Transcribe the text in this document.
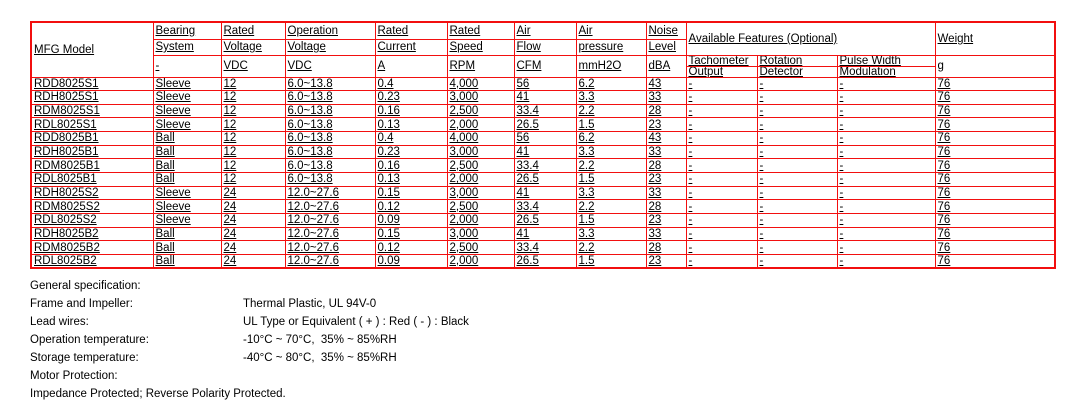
MFG Model	Bearing	Rated	Operation	Rated	Rated	Air	Air	Noise	Available Features (Optional)			Weight
	System	Voltage	Voltage	Current	Speed	Flow	pressure	Level				
	-	VDC	VDC	A	RPM	CFM	mmH2O	dBA	Tachometer	Rotation	Pulse Width	g
									Output	Detector	Modulation	
RDD8025S1	Sleeve	12	6.0~13.8	0.4	4,000	56	6.2	43	-	-	-	76
RDH8025S1	Sleeve	12	6.0~13.8	0.23	3,000	41	3.3	33	-	-	-	76
RDM8025S1	Sleeve	12	6.0~13.8	0.16	2,500	33.4	2.2	28	-	-	-	76
RDL8025S1	Sleeve	12	6.0~13.8	0.13	2,000	26.5	1.5	23	-	-	-	76
RDD8025B1	Ball	12	6.0~13.8	0.4	4,000	56	6.2	43	-	-	-	76
RDH8025B1	Ball	12	6.0~13.8	0.23	3,000	41	3.3	33	-	-	-	76
RDM8025B1	Ball	12	6.0~13.8	0.16	2,500	33.4	2.2	28	-	-	-	76
RDL8025B1	Ball	12	6.0~13.8	0.13	2,000	26.5	1.5	23	-	-	-	76
RDH8025S2	Sleeve	24	12.0~27.6	0.15	3,000	41	3.3	33	-	-	-	76
RDM8025S2	Sleeve	24	12.0~27.6	0.12	2,500	33.4	2.2	28	-	-	-	76
RDL8025S2	Sleeve	24	12.0~27.6	0.09	2,000	26.5	1.5	23	-	-	-	76
RDH8025B2	Ball	24	12.0~27.6	0.15	3,000	41	3.3	33	-	-	-	76
RDM8025B2	Ball	24	12.0~27.6	0.12	2,500	33.4	2.2	28	-	-	-	76
RDL8025B2	Ball	24	12.0~27.6	0.09	2,000	26.5	1.5	23	-	-	-	76
General specification:
Frame and Impeller:	Thermal Plastic, UL 94V-0
Lead wires:	UL Type or Equivalent ( + ) : Red ( - ) : Black
Operation temperature:	-10°C ~ 70°C,  35% ~ 85%RH
Storage temperature:	-40°C ~ 80°C,  35% ~ 85%RH
Motor Protection:
Impedance Protected; Reverse Polarity Protected.
